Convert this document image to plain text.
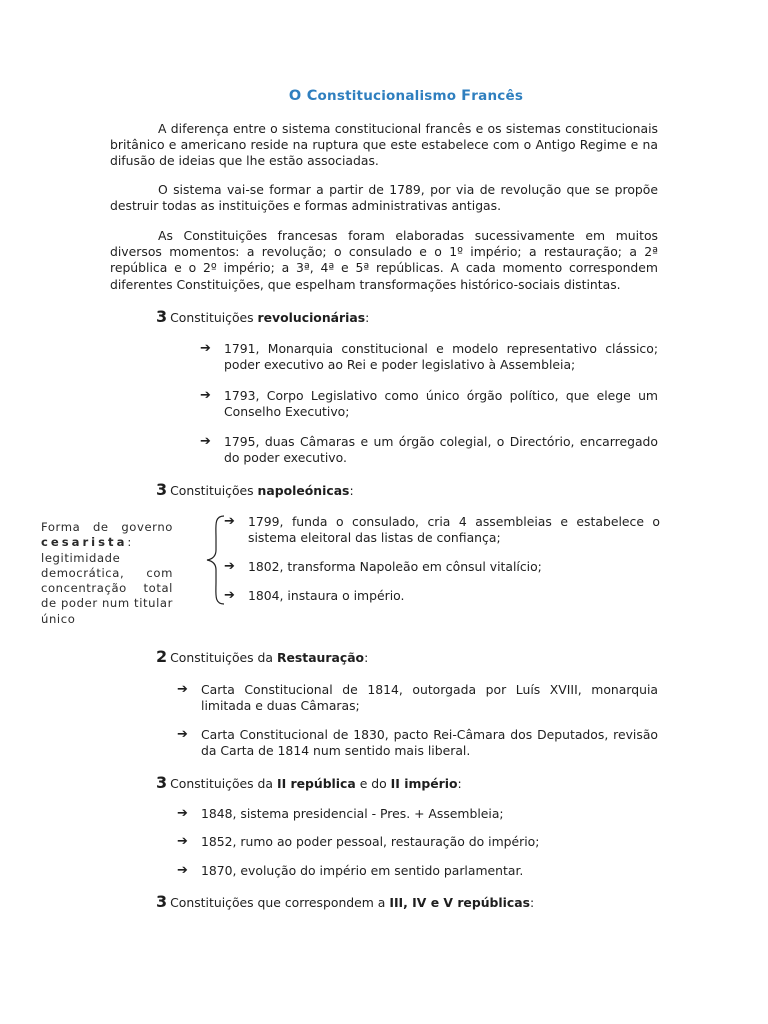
O Constitucionalismo Francês

A diferença entre o sistema constitucional francês e os sistemas constitucionais britânico e americano reside na ruptura que este estabelece com o Antigo Regime e na difusão de ideias que lhe estão associadas.

O sistema vai-se formar a partir de 1789, por via de revolução que se propõe destruir todas as instituições e formas administrativas antigas.

As Constituições francesas foram elaboradas sucessivamente em muitos diversos momentos: a revolução; o consulado e o 1º império; a restauração; a 2ª república e o 2º império; a 3ª, 4ª e 5ª repúblicas. A cada momento correspondem diferentes Constituições, que espelham transformações histórico-sociais distintas.

3 Constituições revolucionárias:

➔ 1791, Monarquia constitucional e modelo representativo clássico; poder executivo ao Rei e poder legislativo à Assembleia;

➔ 1793, Corpo Legislativo como único órgão político, que elege um Conselho Executivo;

➔ 1795, duas Câmaras e um órgão colegial, o Directório, encarregado do poder executivo.

3 Constituições napoleónicas:

Forma de governo cesarista: legitimidade democrática, com concentração total de poder num titular único

➔ 1799, funda o consulado, cria 4 assembleias e estabelece o sistema eleitoral das listas de confiança;

➔ 1802, transforma Napoleão em cônsul vitalício;

➔ 1804, instaura o império.

2 Constituições da Restauração:

➔ Carta Constitucional de 1814, outorgada por Luís XVIII, monarquia limitada e duas Câmaras;

➔ Carta Constitucional de 1830, pacto Rei-Câmara dos Deputados, revisão da Carta de 1814 num sentido mais liberal.

3 Constituições da II república e do II império:

➔ 1848, sistema presidencial - Pres. + Assembleia;

➔ 1852, rumo ao poder pessoal, restauração do império;

➔ 1870, evolução do império em sentido parlamentar.

3 Constituições que correspondem a III, IV e V repúblicas:
